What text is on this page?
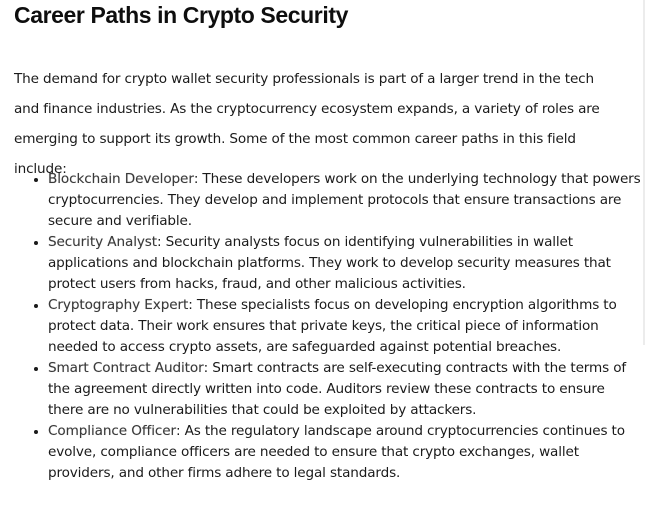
Career Paths in Crypto Security

The demand for crypto wallet security professionals is part of a larger trend in the tech and finance industries. As the cryptocurrency ecosystem expands, a variety of roles are emerging to support its growth. Some of the most common career paths in this field include:

• Blockchain Developer: These developers work on the underlying technology that powers cryptocurrencies. They develop and implement protocols that ensure transactions are secure and verifiable.
• Security Analyst: Security analysts focus on identifying vulnerabilities in wallet applications and blockchain platforms. They work to develop security measures that protect users from hacks, fraud, and other malicious activities.
• Cryptography Expert: These specialists focus on developing encryption algorithms to protect data. Their work ensures that private keys, the critical piece of information needed to access crypto assets, are safeguarded against potential breaches.
• Smart Contract Auditor: Smart contracts are self-executing contracts with the terms of the agreement directly written into code. Auditors review these contracts to ensure there are no vulnerabilities that could be exploited by attackers.
• Compliance Officer: As the regulatory landscape around cryptocurrencies continues to evolve, compliance officers are needed to ensure that crypto exchanges, wallet providers, and other firms adhere to legal standards.
